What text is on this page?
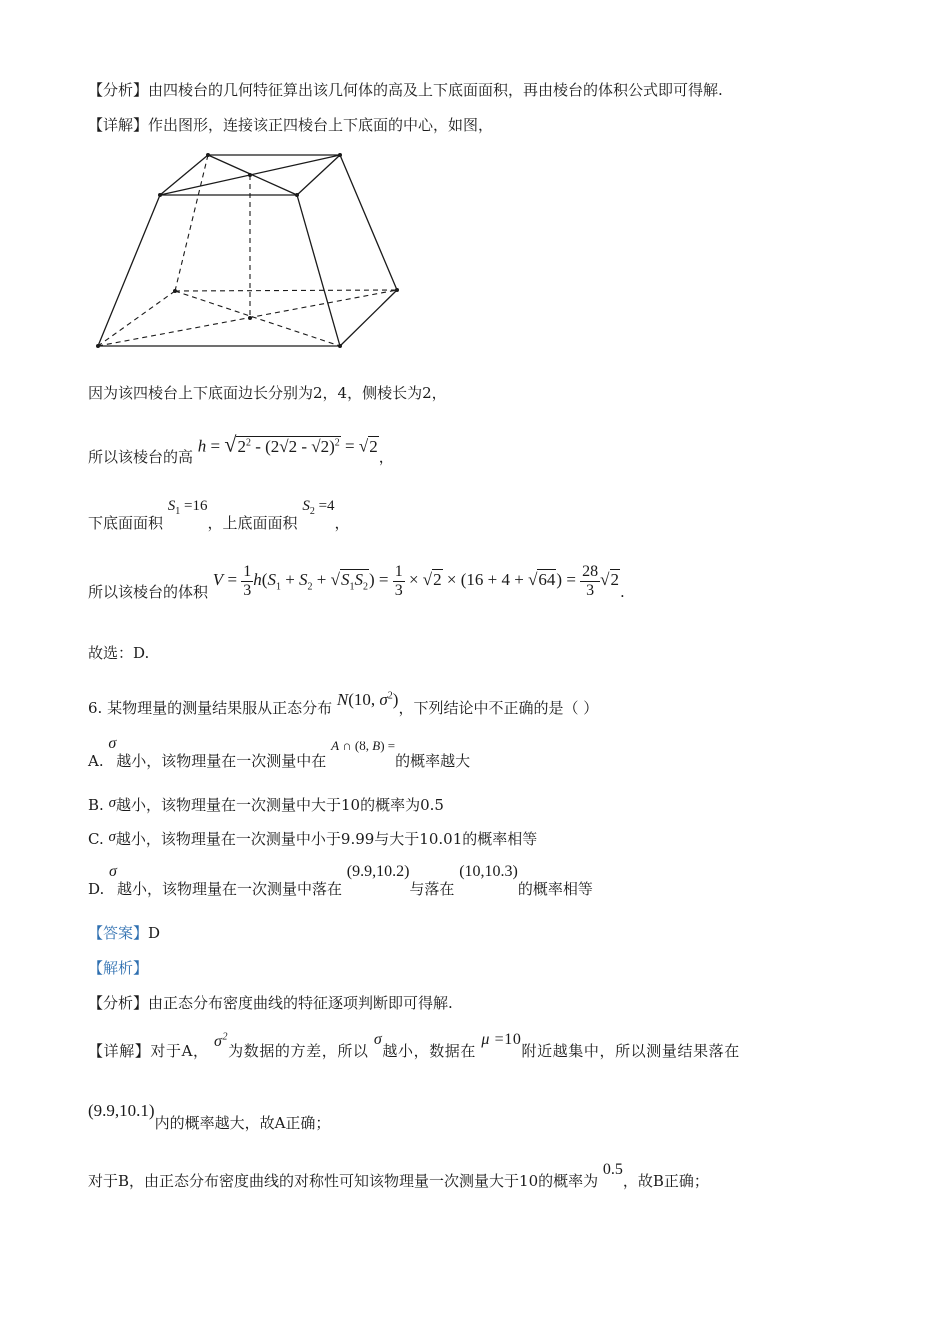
【分析】由四棱台的几何特征算出该几何体的高及上下底面面积，再由棱台的体积公式即可得解.
【详解】作出图形，连接该正四棱台上下底面的中心，如图，
因为该四棱台上下底面边长分别为2，4，侧棱长为2，
所以该棱台的高 $h = √2^2 - (2√2 - √2)^2 = √2$，
下底面面积 $S_1 =16$，上底面面积 $S_2 =4$，
所以该棱台的体积 $V = \frac{1}{3} h(S_1 + S_2 + √S_1S_2) = \frac{1}{3} \times √2 \times (16 + 4 + √64) = \frac{28}{3} √2$.
故选：D.
6. 某物理量的测量结果服从正态分布 N(10, $\sigma^2$)，下列结论中不正确的是（ ）
A. σ越小，该物理量在一次测量中在 A ∩ (ȣ, B) =的概率越大
B. σ越小，该物理量在一次测量中大于10的概率为0.5
C. σ越小，该物理量在一次测量中小于9.99与大于10.01的概率相等
D. σ越小，该物理量在一次测量中落在 (9.9,10.2)与落在 (10,10.3)的概率相等
【答案】D
【解析】
【分析】由正态分布密度曲线的特征逐项判断即可得解.
【详解】对于A， $\sigma^2$为数据的方差，所以 σ越小，数据在 μ =10附近越集中，所以测量结果落在
(9.9,10.1)内的概率越大，故A正确；
对于B，由正态分布密度曲线的对称性可知该物理量一次测量大于10的概率为 0.5，故B正确；
